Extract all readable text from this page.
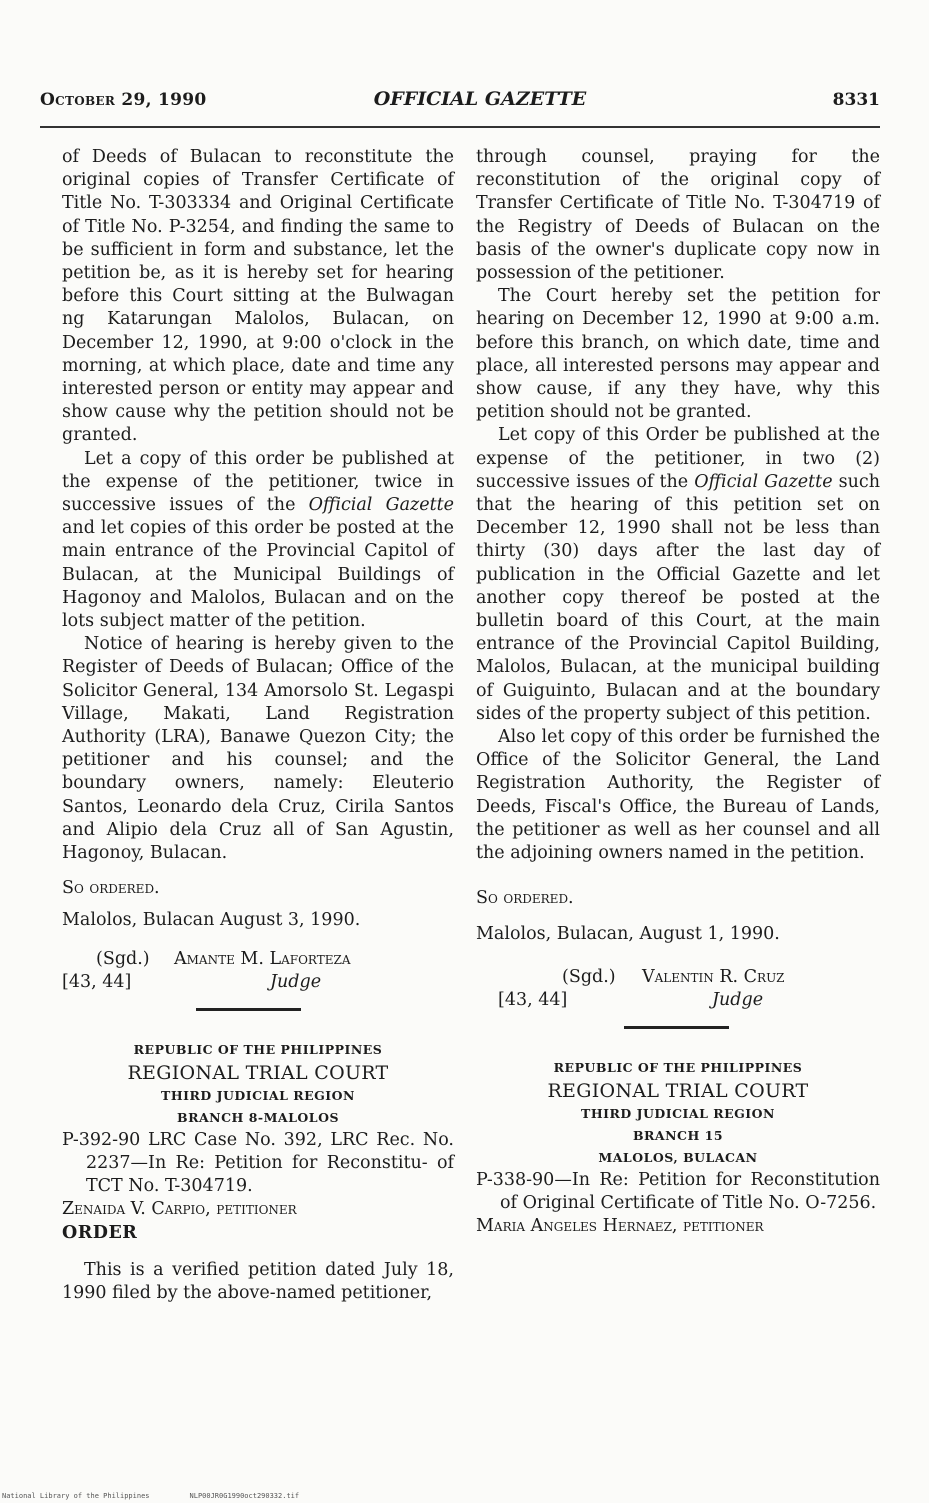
October 29, 1990	OFFICIAL GAZETTE	8331

of Deeds of Bulacan to reconstitute the original copies of Transfer Certificate of Title No. T-303334 and Original Certificate of Title No. P-3254, and finding the same to be sufficient in form and substance, let the petition be, as it is hereby set for hearing before this Court sitting at the Bulwagan ng Katarungan Malolos, Bulacan, on December 12, 1990, at 9:00 o'clock in the morning, at which place, date and time any interested person or entity may appear and show cause why the petition should not be granted.

Let a copy of this order be published at the expense of the petitioner, twice in successive issues of the Official Gazette and let copies of this order be posted at the main entrance of the Provincial Capitol of Bulacan, at the Municipal Buildings of Hagonoy and Malolos, Bulacan and on the lots subject matter of the petition.

Notice of hearing is hereby given to the Register of Deeds of Bulacan; Office of the Solicitor General, 134 Amorsolo St. Legaspi Village, Makati, Land Registration Authority (LRA), Banawe Quezon City; the petitioner and his counsel; and the boundary owners, namely: Eleuterio Santos, Leonardo dela Cruz, Cirila Santos and Alipio dela Cruz all of San Agustin, Hagonoy, Bulacan.

So ordered.

Malolos, Bulacan August 3, 1990.

(Sgd.) Amante M. Laforteza
[43, 44]	Judge
REPUBLIC OF THE PHILIPPINES
REGIONAL TRIAL COURT
THIRD JUDICIAL REGION
BRANCH 8-MALOLOS

P-392-90 LRC Case No. 392, LRC Rec. No. 2237—In Re: Petition for Reconstitu- of TCT No. T-304719.

Zenaida V. Carpio, petitioner

ORDER

This is a verified petition dated July 18, 1990 filed by the above-named petitioner,

through counsel, praying for the reconstitution of the original copy of Transfer Certificate of Title No. T-304719 of the Registry of Deeds of Bulacan on the basis of the owner's duplicate copy now in possession of the petitioner.

The Court hereby set the petition for hearing on December 12, 1990 at 9:00 a.m. before this branch, on which date, time and place, all interested persons may appear and show cause, if any they have, why this petition should not be granted.

Let copy of this Order be published at the expense of the petitioner, in two (2) successive issues of the Official Gazette such that the hearing of this petition set on December 12, 1990 shall not be less than thirty (30) days after the last day of publication in the Official Gazette and let another copy thereof be posted at the bulletin board of this Court, at the main entrance of the Provincial Capitol Building, Malolos, Bulacan, at the municipal building of Guiguinto, Bulacan and at the boundary sides of the property subject of this petition.

Also let copy of this order be furnished the Office of the Solicitor General, the Land Registration Authority, the Register of Deeds, Fiscal's Office, the Bureau of Lands, the petitioner as well as her counsel and all the adjoining owners named in the petition.

So ordered.

Malolos, Bulacan, August 1, 1990.

(Sgd.) Valentin R. Cruz
[43, 44]	Judge
REPUBLIC OF THE PHILIPPINES
REGIONAL TRIAL COURT
THIRD JUDICIAL REGION
BRANCH 15
MALOLOS, BULACAN

P-338-90—In Re: Petition for Reconstitution of Original Certificate of Title No. O-7256.

Maria Angeles Hernaez, petitioner

National Library of the Philippines	NLP00JR0G1990oct290332.tif
